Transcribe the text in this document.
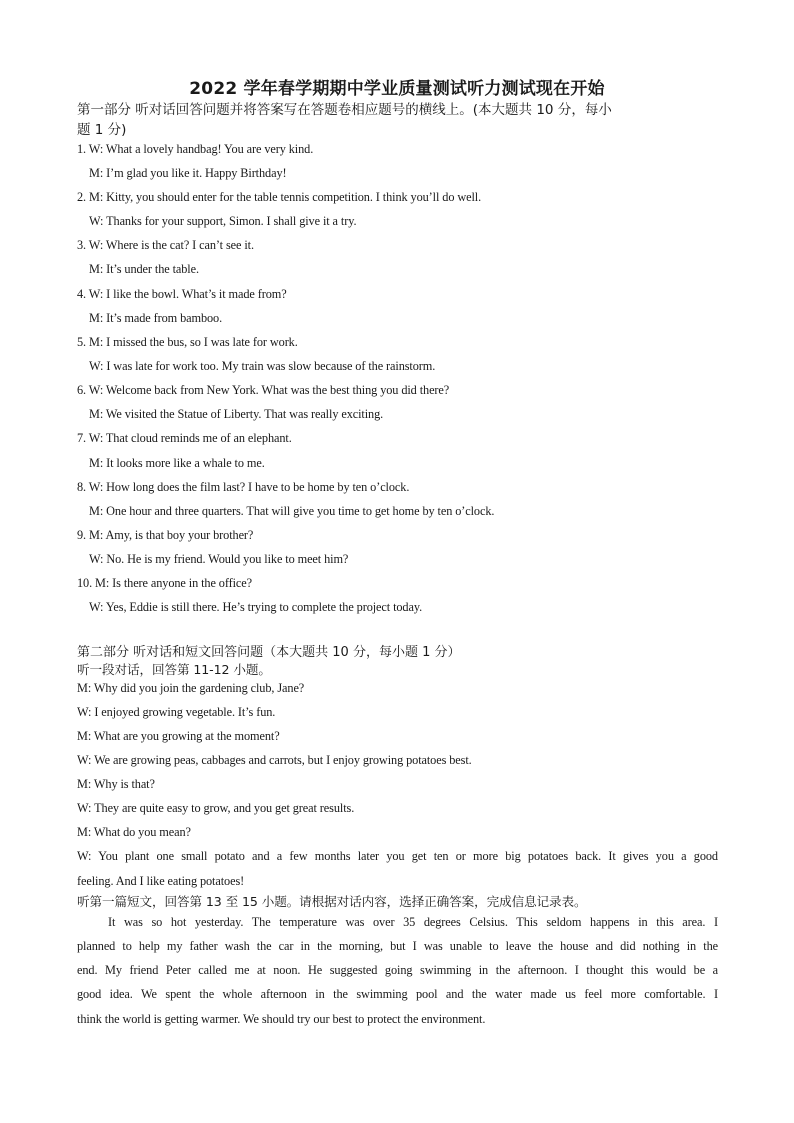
2022 学年春学期期中学业质量测试听力测试现在开始
第一部分 听对话回答问题并将答案写在答题卷相应题号的横线上。(本大题共 10 分，每小
题 1 分)
1. W: What a lovely handbag! You are very kind.
M: I’m glad you like it. Happy Birthday!
2. M: Kitty, you should enter for the table tennis competition. I think you’ll do well.
W: Thanks for your support, Simon. I shall give it a try.
3. W: Where is the cat? I can’t see it.
M: It’s under the table.
4. W: I like the bowl. What’s it made from?
M: It’s made from bamboo.
5. M: I missed the bus, so I was late for work.
W: I was late for work too. My train was slow because of the rainstorm.
6. W: Welcome back from New York. What was the best thing you did there?
M: We visited the Statue of Liberty. That was really exciting.
7. W: That cloud reminds me of an elephant.
M: It looks more like a whale to me.
8. W: How long does the film last? I have to be home by ten o’clock.
M: One hour and three quarters. That will give you time to get home by ten o’clock.
9. M: Amy, is that boy your brother?
W: No. He is my friend. Would you like to meet him?
10. M: Is there anyone in the office?
W: Yes, Eddie is still there. He’s trying to complete the project today.
第二部分 听对话和短文回答问题（本大题共 10 分，每小题 1 分）
听一段对话，回答第 11-12 小题。
M: Why did you join the gardening club, Jane?
W: I enjoyed growing vegetable. It’s fun.
M: What are you growing at the moment?
W: We are growing peas, cabbages and carrots, but I enjoy growing potatoes best.
M: Why is that?
W: They are quite easy to grow, and you get great results.
M: What do you mean?
W: You plant one small potato and a few months later you get ten or more big potatoes back. It gives you a good
feeling. And I like eating potatoes!
听第一篇短文，回答第 13 至 15 小题。请根据对话内容，选择正确答案，完成信息记录表。
It was so hot yesterday. The temperature was over 35 degrees Celsius. This seldom happens in this area. I
planned to help my father wash the car in the morning, but I was unable to leave the house and did nothing in the
end. My friend Peter called me at noon. He suggested going swimming in the afternoon. I thought this would be a
good idea. We spent the whole afternoon in the swimming pool and the water made us feel more comfortable. I
think the world is getting warmer. We should try our best to protect the environment.
